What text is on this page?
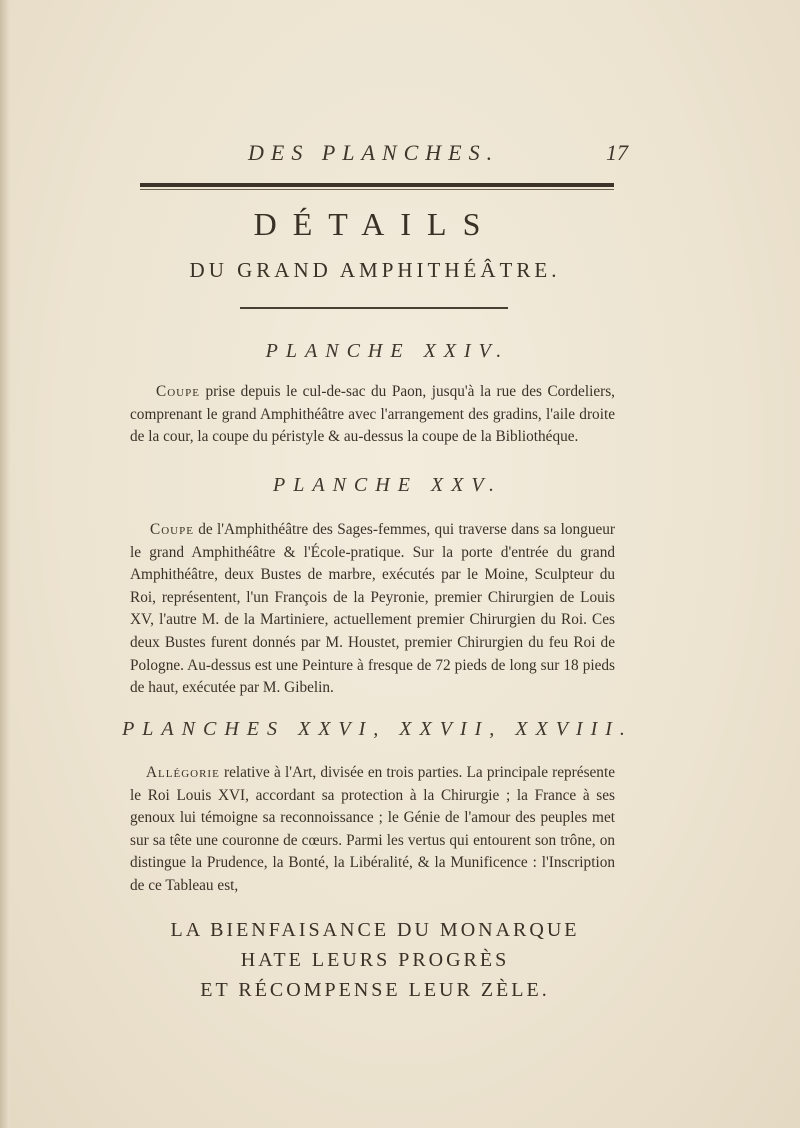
DES PLANCHES.	17
DÉTAILS
DU GRAND AMPHITHÉÂTRE.
PLANCHE XXIV.
Coupe prise depuis le cul-de-sac du Paon, jusqu'à la rue des Cordeliers, comprenant le grand Amphithéâtre avec l'arrangement des gradins, l'aile droite de la cour, la coupe du péristyle & au-dessus la coupe de la Bibliothéque.
PLANCHE XXV.
Coupe de l'Amphithéâtre des Sages-femmes, qui traverse dans sa longueur le grand Amphithéâtre & l'École-pratique. Sur la porte d'entrée du grand Amphithéâtre, deux Bustes de marbre, exécutés par le Moine, Sculpteur du Roi, représentent, l'un François de la Peyronie, premier Chirurgien de Louis XV, l'autre M. de la Martiniere, actuellement premier Chirurgien du Roi. Ces deux Bustes furent donnés par M. Houstet, premier Chirurgien du feu Roi de Pologne. Au-dessus est une Peinture à fresque de 72 pieds de long sur 18 pieds de haut, exécutée par M. Gibelin.
PLANCHES XXVI, XXVII, XXVIII.
Allégorie relative à l'Art, divisée en trois parties. La principale représente le Roi Louis XVI, accordant sa protection à la Chirurgie ; la France à ses genoux lui témoigne sa reconnoissance ; le Génie de l'amour des peuples met sur sa tête une couronne de cœurs. Parmi les vertus qui entourent son trône, on distingue la Prudence, la Bonté, la Libéralité, & la Munificence : l'Inscription de ce Tableau est,
LA BIENFAISANCE DU MONARQUE
HATE LEURS PROGRÈS
ET RÉCOMPENSE LEUR ZÈLE.
